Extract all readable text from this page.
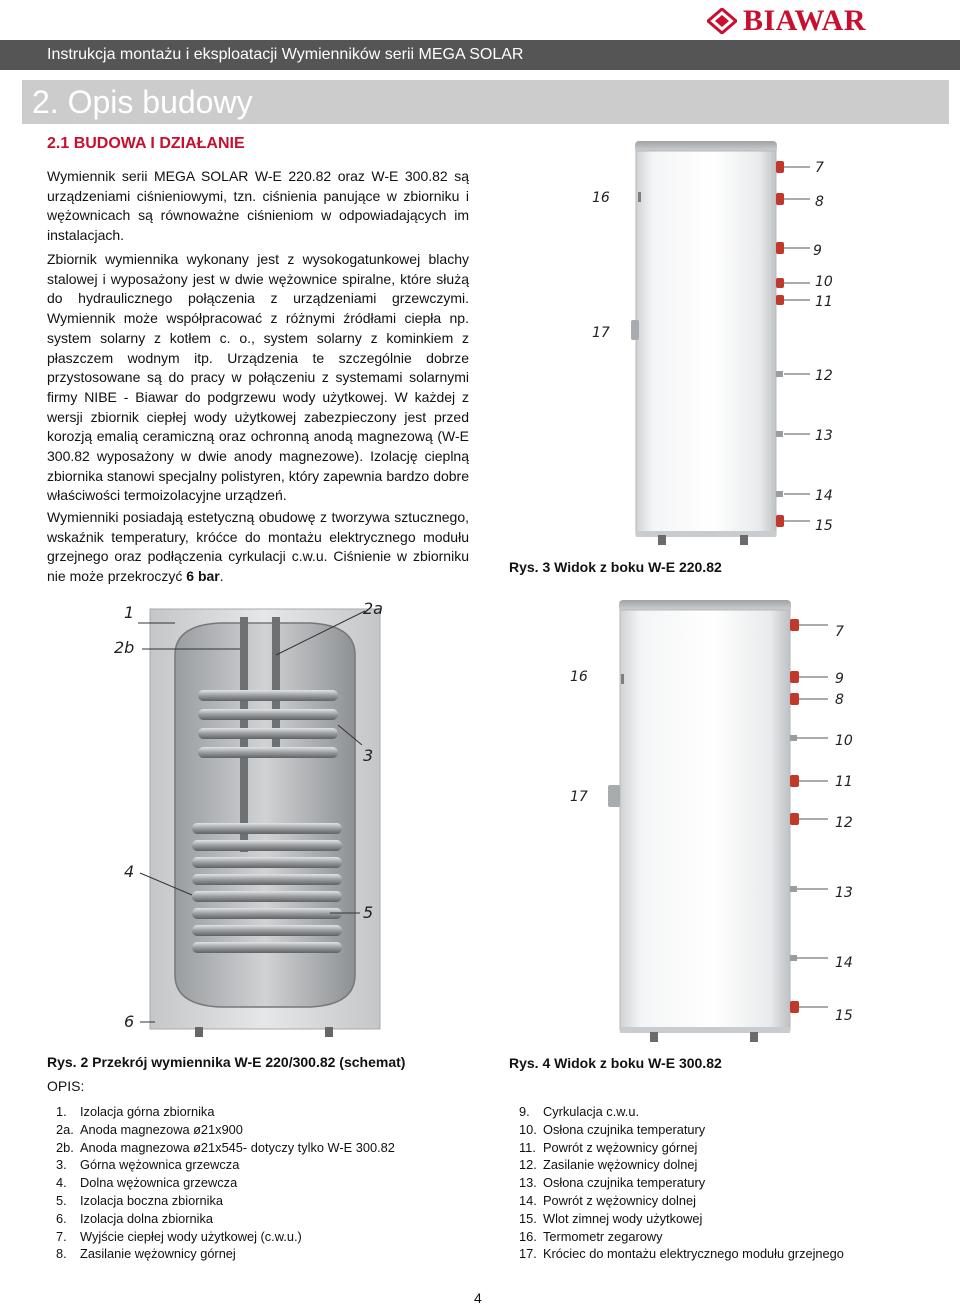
BIAWAR
Instrukcja montażu i eksploatacji Wymienników serii MEGA SOLAR
2. Opis budowy
2.1 BUDOWA I DZIAŁANIE
Wymiennik serii MEGA SOLAR W-E 220.82 oraz W-E 300.82 są urządzeniami ciśnieniowymi, tzn. ciśnienia panujące w zbiorniku i wężownicach są równoważne ciśnieniom w odpowiadających im instalacjach.
Zbiornik wymiennika wykonany jest z wysokogatunkowej blachy stalowej i wyposażony jest w dwie wężownice spiralne, które służą do hydraulicznego połączenia z urządzeniami grzewczymi. Wymiennik może współpracować z różnymi źródłami ciepła np. system solarny z kotłem c. o., system solarny z kominkiem z płaszczem wodnym itp. Urządzenia te szczególnie dobrze przystosowane są do pracy w połączeniu z systemami solarnymi firmy NIBE - Biawar do podgrzewu wody użytkowej. W każdej z wersji zbiornik ciepłej wody użytkowej zabezpieczony jest przed korozją emalią ceramiczną oraz ochronną anodą magnezową (W-E 300.82 wyposażony w dwie anody magnezowe). Izolację cieplną zbiornika stanowi specjalny polistyren, który zapewnia bardzo dobre właściwości termoizolacyjne urządzeń.
Wymienniki posiadają estetyczną obudowę z tworzywa sztucznego, wskaźnik temperatury, króćce do montażu elektrycznego modułu grzejnego oraz podłączenia cyrkulacji c.w.u. Ciśnienie w zbiorniku nie może przekroczyć 6 bar.
16
17
7
8
9
10
11
12
13
14
15
Rys. 3 Widok z boku W-E 220.82
1	2a
2b
3
4
5
6
Rys. 2 Przekrój wymiennika W-E 220/300.82 (schemat)
16
17
7
9
8
10
11
12
13
14
15
Rys. 4 Widok z boku W-E 300.82
OPIS:
1. Izolacja górna zbiornika
2a. Anoda magnezowa ø21x900
2b. Anoda magnezowa ø21x545- dotyczy tylko W-E 300.82
3. Górna wężownica grzewcza
4. Dolna wężownica grzewcza
5. Izolacja boczna zbiornika
6. Izolacja dolna zbiornika
7. Wyjście ciepłej wody użytkowej (c.w.u.)
8. Zasilanie wężownicy górnej
9. Cyrkulacja c.w.u.
10. Osłona czujnika temperatury
11. Powrót z wężownicy górnej
12. Zasilanie wężownicy dolnej
13. Osłona czujnika temperatury
14. Powrót z wężownicy dolnej
15. Wlot zimnej wody użytkowej
16. Termometr zegarowy
17. Króciec do montażu elektrycznego modułu grzejnego
4
